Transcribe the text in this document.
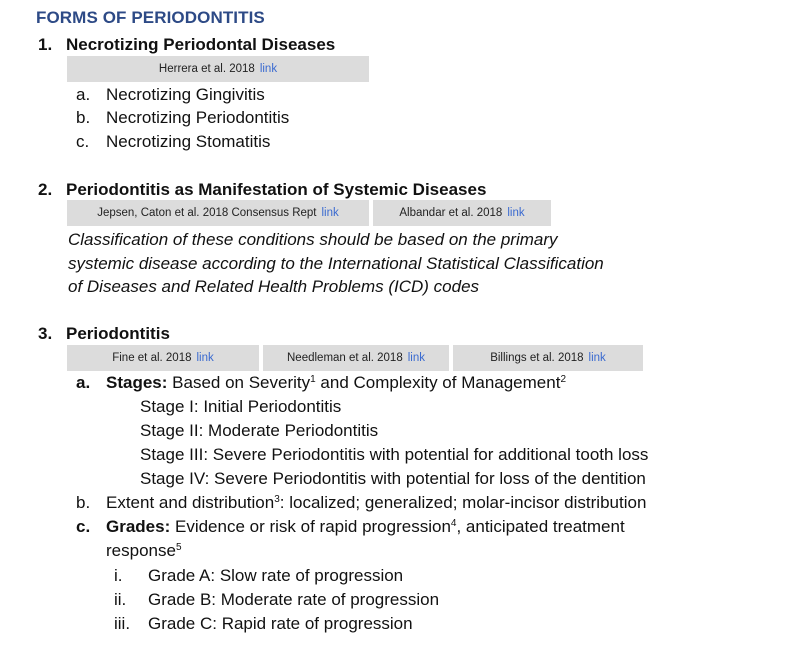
FORMS OF PERIODONTITIS
1. Necrotizing Periodontal Diseases
Herrera et al. 2018 link
a. Necrotizing Gingivitis
b. Necrotizing Periodontitis
c. Necrotizing Stomatitis
2. Periodontitis as Manifestation of Systemic Diseases
Jepsen, Caton et al. 2018 Consensus Rept link	Albandar et al. 2018 link
Classification of these conditions should be based on the primary
systemic disease according to the International Statistical Classification
of Diseases and Related Health Problems (ICD) codes
3. Periodontitis
Fine et al. 2018 link	Needleman et al. 2018 link	Billings et al. 2018 link
a. Stages: Based on Severity$^1$ and Complexity of Management$^2$
Stage I: Initial Periodontitis
Stage II: Moderate Periodontitis
Stage III: Severe Periodontitis with potential for additional tooth loss
Stage IV: Severe Periodontitis with potential for loss of the dentition
b. Extent and distribution$^3$: localized; generalized; molar-incisor distribution
c. Grades: Evidence or risk of rapid progression$^4$, anticipated treatment
response$^5$
i. Grade A: Slow rate of progression
ii. Grade B: Moderate rate of progression
iii. Grade C: Rapid rate of progression
